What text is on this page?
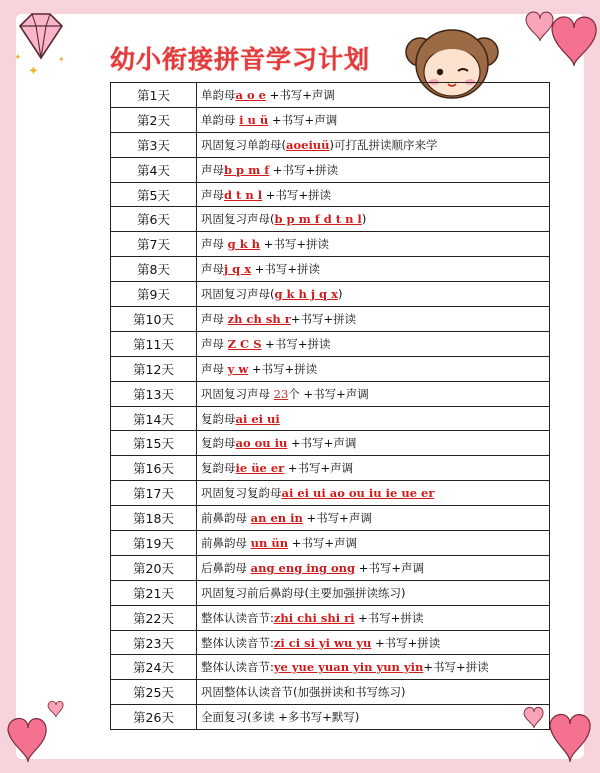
✦	✦
✦	幼小衔接拼音学习计划
第1天	单韵母a o e +书写+声调
第2天	单韵母 i u ü +书写+声调
第3天	巩固复习单韵母(aoeiuü)可打乱拼读顺序来学
第4天	声母b p m f +书写+拼读
第5天	声母d t n l +书写+拼读
第6天	巩固复习声母(b p m f d t n l)
第7天	声母 g k h +书写+拼读
第8天	声母j q x +书写+拼读
第9天	巩固复习声母(g k h j q x)
第10天	声母 zh ch sh r+书写+拼读
第11天	声母 Z C S +书写+拼读
第12天	声母 y w +书写+拼读
第13天	巩固复习声母 23个 +书写+声调
第14天	复韵母ai ei ui
第15天	复韵母ao ou iu +书写+声调
第16天	复韵母ie üe er +书写+声调
第17天	巩固复习复韵母ai ei ui ao ou iu ie ue er
第18天	前鼻韵母 an en in +书写+声调
第19天	前鼻韵母 un ün +书写+声调
第20天	后鼻韵母 ang eng ing ong +书写+声调
第21天	巩固复习前后鼻韵母(主要加强拼读练习)
第22天	整体认读音节:zhi chi shi ri +书写+拼读
第23天	整体认读音节:zi ci si yi wu yu +书写+拼读
第24天	整体认读音节:ye yue yuan yin yun yin+书写+拼读
第25天	巩固整体认读音节(加强拼读和书写练习)
第26天	全面复习(多读 +多书写+默写)
